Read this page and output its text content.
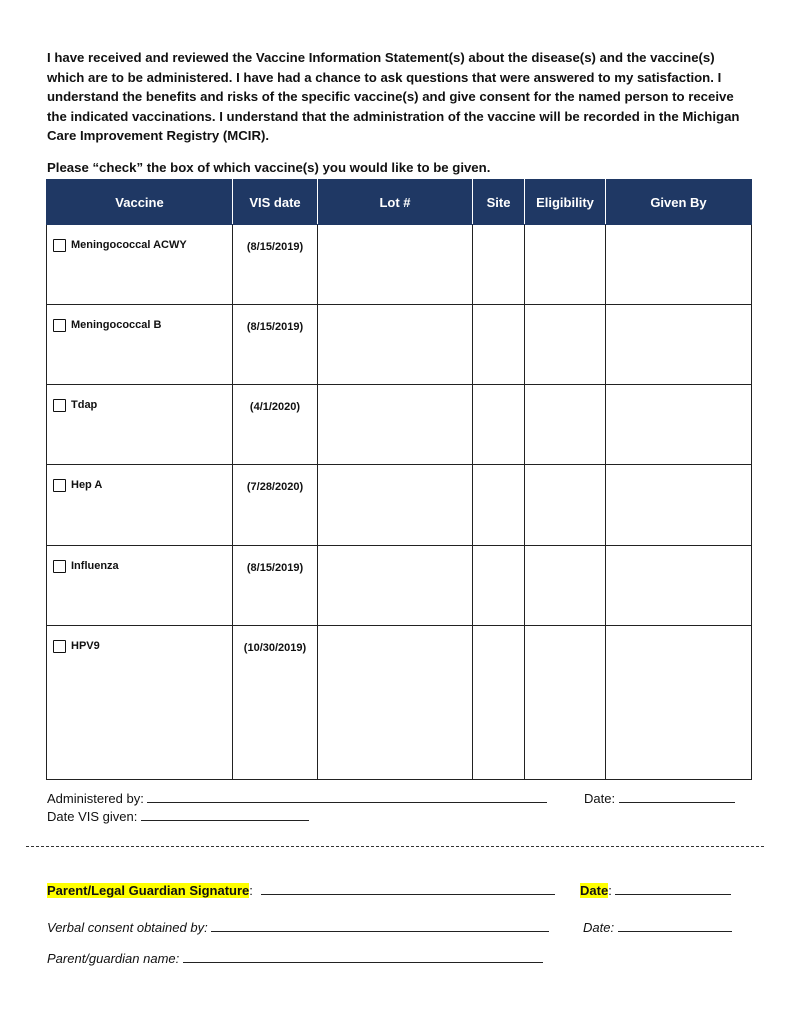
I have received and reviewed the Vaccine Information Statement(s) about the disease(s) and the vaccine(s) which are to be administered. I have had a chance to ask questions that were answered to my satisfaction. I understand the benefits and risks of the specific vaccine(s) and give consent for the named person to receive the indicated vaccinations. I understand that the administration of the vaccine will be recorded in the Michigan Care Improvement Registry (MCIR).

Please “check” the box of which vaccine(s) you would like to be given.
Vaccine	VIS date	Lot #	Site	Eligibility	Given By

Meningococcal ACWY	(8/15/2019)				

Meningococcal B	(8/15/2019)				

Tdap	(4/1/2020)				

Hep A	(7/28/2020)				

Influenza	(8/15/2019)				

HPV9	(10/30/2019)				

Administered by:	Date:
Date VIS given:
Parent/Legal Guardian Signature:	Date:
Verbal consent obtained by:	Date:
Parent/guardian name:
